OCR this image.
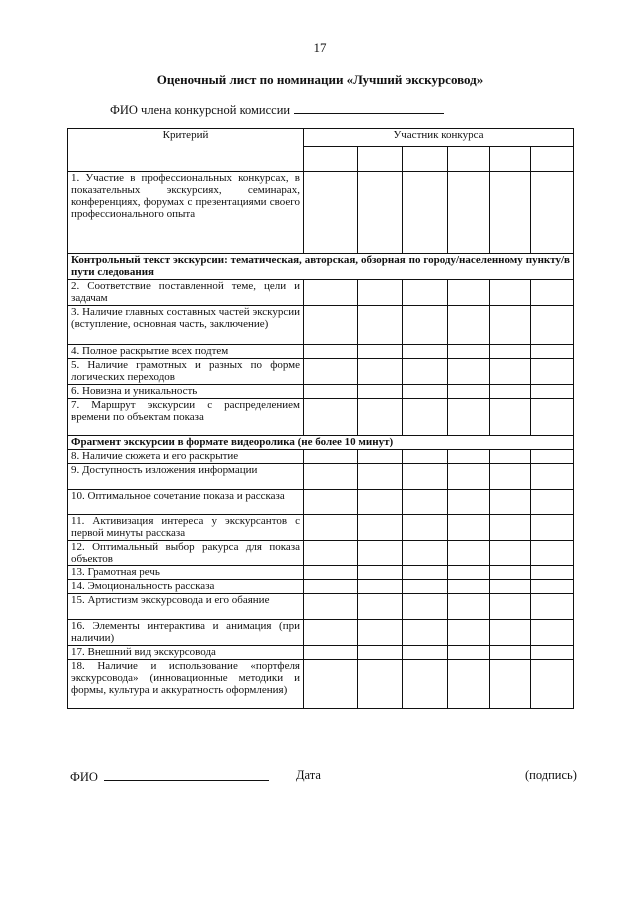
17
Оценочный лист по номинации «Лучший экскурсовод»
ФИО члена конкурсной комиссии
Критерий	Участник конкурса					

1. Участие в профессиональных конкурсах, в показательных экскурсиях, семинарах, конференциях, форумах с презентациями своего профессионального опыта						
Контрольный текст экскурсии: тематическая, авторская, обзорная по городу/населенному пункту/в пути следования						
2. Соответствие поставленной теме, цели и задачам						
3. Наличие главных составных частей экскурсии (вступление, основная часть, заключение)						
4. Полное раскрытие всех подтем						
5. Наличие грамотных и разных по форме логических переходов						
6. Новизна и уникальность						
7. Маршрут экскурсии с распределением времени по объектам показа						
Фрагмент экскурсии в формате видеоролика (не более 10 минут)						
8. Наличие сюжета и его раскрытие						
9. Доступность изложения информации						
10. Оптимальное сочетание показа и рассказа						
11. Активизация интереса у экскурсантов с первой минуты рассказа						
12. Оптимальный выбор ракурса для показа объектов						
13. Грамотная речь						
14. Эмоциональность рассказа						
15. Артистизм экскурсовода и его обаяние						
16. Элементы интерактива и анимация (при наличии)						
17. Внешний вид экскурсовода						
18. Наличие и использование «портфеля экскурсовода» (инновационные методики и формы, культура и аккуратность оформления)						
ФИО	Дата	(подпись)
